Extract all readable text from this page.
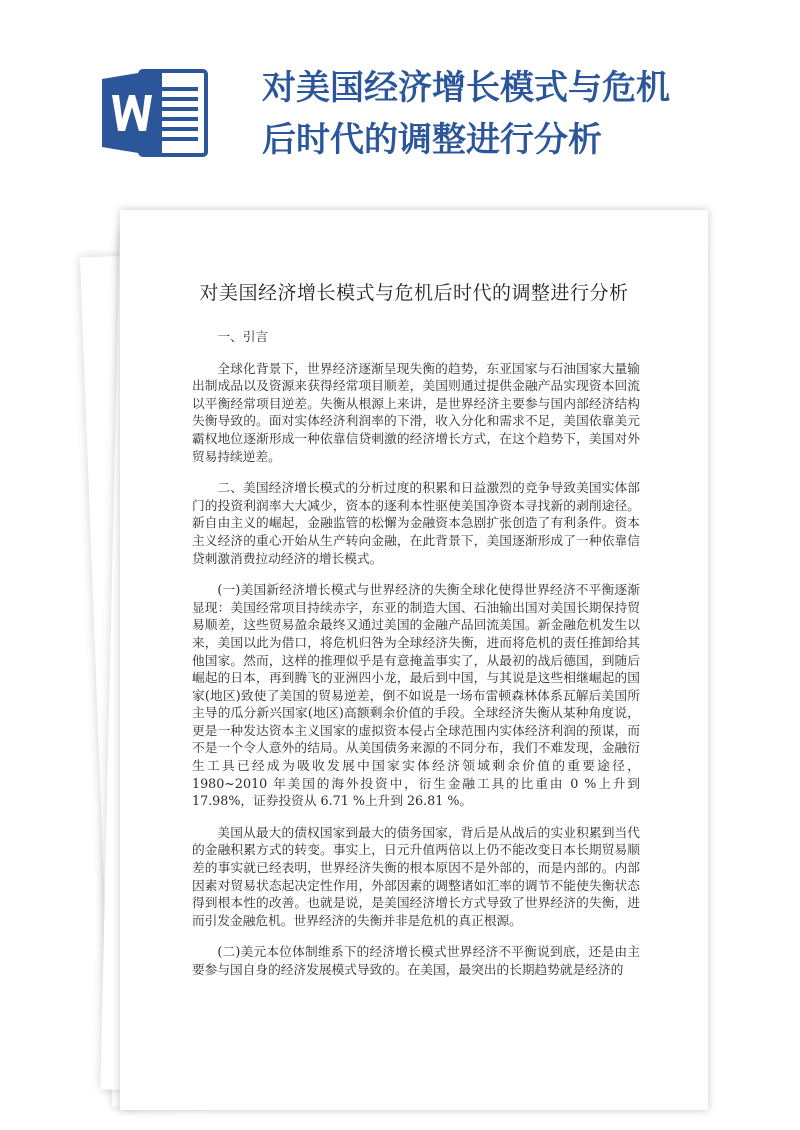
对美国经济增长模式与危机后时代的调整进行分析
对美国经济增长模式与危机后时代的调整进行分析

一、引言

全球化背景下，世界经济逐渐呈现失衡的趋势，东亚国家与石油国家大量输出制成品以及资源来获得经常项目顺差，美国则通过提供金融产品实现资本回流以平衡经常项目逆差。失衡从根源上来讲，是世界经济主要参与国内部经济结构失衡导致的。面对实体经济利润率的下滑，收入分化和需求不足，美国依靠美元霸权地位逐渐形成一种依靠信贷刺激的经济增长方式，在这个趋势下，美国对外贸易持续逆差。

二、美国经济增长模式的分析过度的积累和日益激烈的竞争导致美国实体部门的投资利润率大大减少，资本的逐利本性驱使美国净资本寻找新的剥削途径。新自由主义的崛起，金融监管的松懈为金融资本急剧扩张创造了有利条件。资本主义经济的重心开始从生产转向金融，在此背景下，美国逐渐形成了一种依靠信贷刺激消费拉动经济的增长模式。

(一)美国新经济增长模式与世界经济的失衡全球化使得世界经济不平衡逐渐显现：美国经常项目持续赤字，东亚的制造大国、石油输出国对美国长期保持贸易顺差，这些贸易盈余最终又通过美国的金融产品回流美国。新金融危机发生以来，美国以此为借口，将危机归咎为全球经济失衡，进而将危机的责任推卸给其他国家。然而，这样的推理似乎是有意掩盖事实了，从最初的战后德国，到随后崛起的日本，再到腾飞的亚洲四小龙，最后到中国，与其说是这些相继崛起的国家(地区)致使了美国的贸易逆差，倒不如说是一场布雷顿森林体系瓦解后美国所主导的瓜分新兴国家(地区)高额剩余价值的手段。全球经济失衡从某种角度说，更是一种发达资本主义国家的虚拟资本侵占全球范围内实体经济利润的预谋，而不是一个令人意外的结局。从美国债务来源的不同分布，我们不难发现，金融衍生工具已经成为吸收发展中国家实体经济领域剩余价值的重要途径，1980~2010 年美国的海外投资中，衍生金融工具的比重由 0 %上升到 17.98%，证券投资从 6.71 %上升到 26.81 %。

美国从最大的债权国家到最大的债务国家，背后是从战后的实业积累到当代的金融积累方式的转变。事实上，日元升值两倍以上仍不能改变日本长期贸易顺差的事实就已经表明，世界经济失衡的根本原因不是外部的，而是内部的。内部因素对贸易状态起决定性作用，外部因素的调整诸如汇率的调节不能使失衡状态得到根本性的改善。也就是说，是美国经济增长方式导致了世界经济的失衡，进而引发金融危机。世界经济的失衡并非是危机的真正根源。

(二)美元本位体制维系下的经济增长模式世界经济不平衡说到底，还是由主要参与国自身的经济发展模式导致的。在美国，最突出的长期趋势就是经济的
